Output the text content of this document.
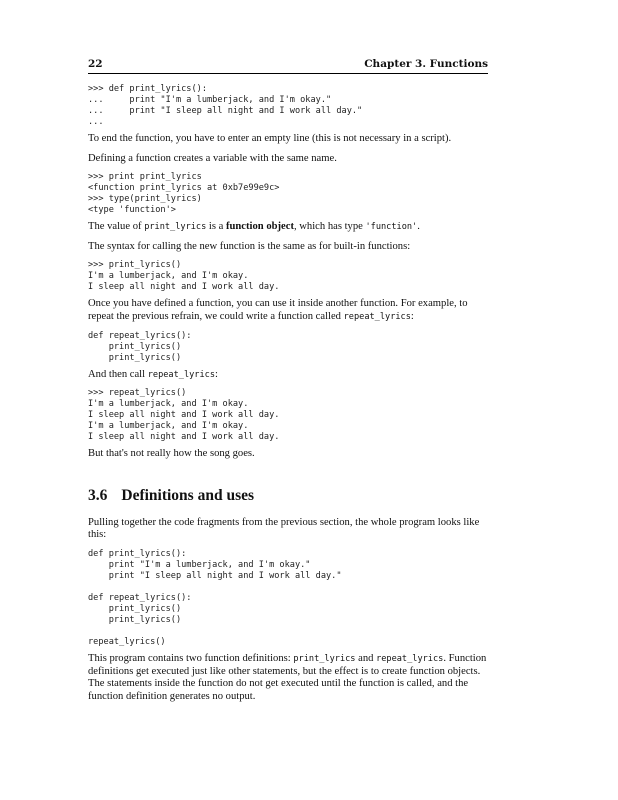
22	Chapter 3. Functions
>>> def print_lyrics():
...     print "I'm a lumberjack, and I'm okay."
...     print "I sleep all night and I work all day."
...

To end the function, you have to enter an empty line (this is not necessary in a script).

Defining a function creates a variable with the same name.

>>> print print_lyrics
<function print_lyrics at 0xb7e99e9c>
>>> type(print_lyrics)
<type 'function'>

The value of print_lyrics is a function object, which has type 'function'.

The syntax for calling the new function is the same as for built-in functions:

>>> print_lyrics()
I'm a lumberjack, and I'm okay.
I sleep all night and I work all day.

Once you have defined a function, you can use it inside another function. For example, to repeat the previous refrain, we could write a function called repeat_lyrics:

def repeat_lyrics():
print_lyrics()
print_lyrics()

And then call repeat_lyrics:

>>> repeat_lyrics()
I'm a lumberjack, and I'm okay.
I sleep all night and I work all day.
I'm a lumberjack, and I'm okay.
I sleep all night and I work all day.

But that's not really how the song goes.

3.6 Definitions and uses

Pulling together the code fragments from the previous section, the whole program looks like this:

def print_lyrics():
print "I'm a lumberjack, and I'm okay."
print "I sleep all night and I work all day."
def repeat_lyrics():
print_lyrics()
print_lyrics()
repeat_lyrics()

This program contains two function definitions: print_lyrics and repeat_lyrics. Function definitions get executed just like other statements, but the effect is to create function objects. The statements inside the function do not get executed until the function is called, and the function definition generates no output.
